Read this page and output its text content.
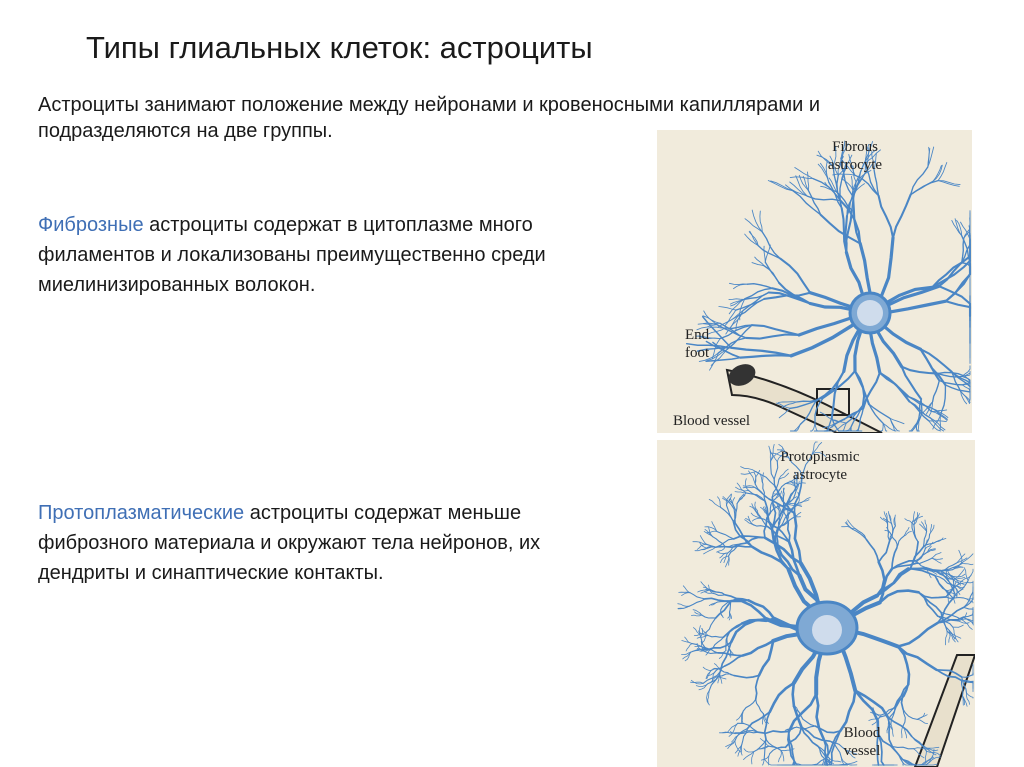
Типы глиальных клеток: астроциты
Астроциты занимают положение между нейронами и кровеносными капиллярами и подразделяются на две группы.
Фиброзные астроциты содержат в цитоплазме много филаментов и локализованы преимущественно среди миелинизированных волокон.
Протоплазматические астроциты содержат меньше фиброзного материала и окружают тела нейронов, их дендриты и синаптические контакты.
Fibrous astrocyte
End foot
Blood vessel
Protoplasmic astrocyte
Blood vessel
